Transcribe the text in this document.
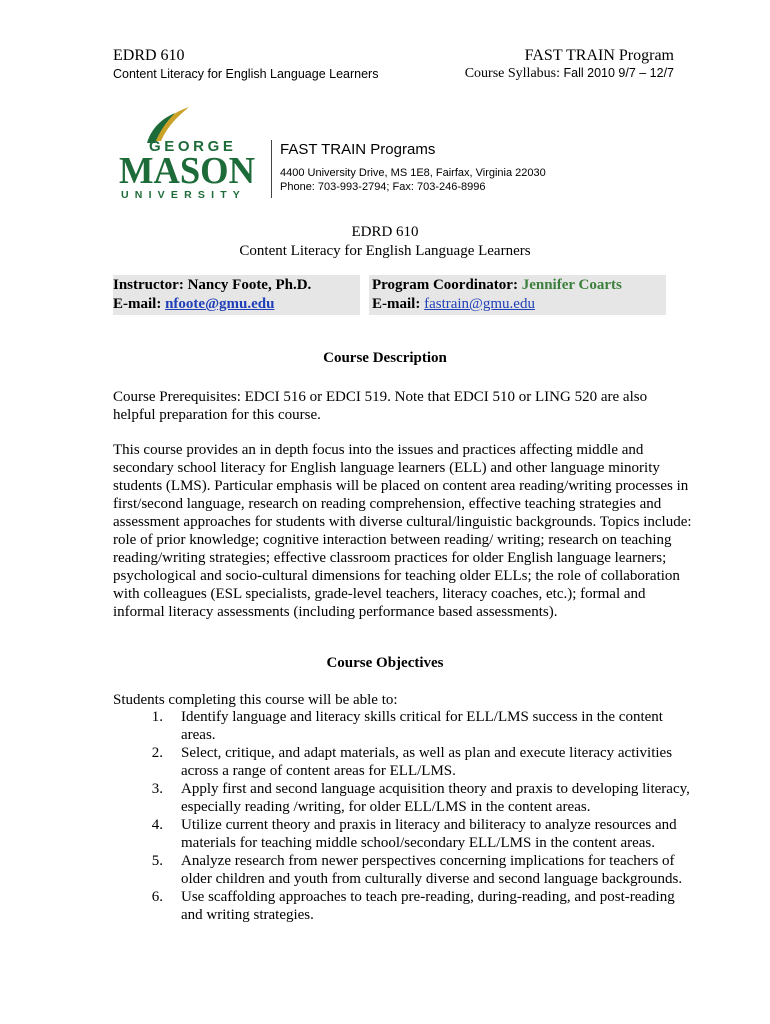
EDRD 610
Content Literacy for English Language Learners
FAST TRAIN Program
Course Syllabus: Fall 2010 9/7 – 12/7
GEORGE
MASON
UNIVERSITY
FAST TRAIN Programs
4400 University Drive, MS 1E8, Fairfax, Virginia 22030
Phone: 703-993-2794; Fax: 703-246-8996
EDRD 610
Content Literacy for English Language Learners
Instructor: Nancy Foote, Ph.D.
E-mail: nfoote@gmu.edu
Program Coordinator: Jennifer Coarts
E-mail: fastrain@gmu.edu
Course Description
Course Prerequisites: EDCI 516 or EDCI 519. Note that EDCI 510 or LING 520 are also helpful preparation for this course.
This course provides an in depth focus into the issues and practices affecting middle and secondary school literacy for English language learners (ELL) and other language minority students (LMS). Particular emphasis will be placed on content area reading/writing processes in first/second language, research on reading comprehension, effective teaching strategies and assessment approaches for students with diverse cultural/linguistic backgrounds. Topics include: role of prior knowledge; cognitive interaction between reading/ writing; research on teaching reading/writing strategies; effective classroom practices for older English language learners; psychological and socio-cultural dimensions for teaching older ELLs; the role of collaboration with colleagues (ESL specialists, grade-level teachers, literacy coaches, etc.); formal and informal literacy assessments (including performance based assessments).
Course Objectives
Students completing this course will be able to:
1. Identify language and literacy skills critical for ELL/LMS success in the content areas.
2. Select, critique, and adapt materials, as well as plan and execute literacy activities across a range of content areas for ELL/LMS.
3. Apply first and second language acquisition theory and praxis to developing literacy, especially reading /writing, for older ELL/LMS in the content areas.
4. Utilize current theory and praxis in literacy and biliteracy to analyze resources and materials for teaching middle school/secondary ELL/LMS in the content areas.
5. Analyze research from newer perspectives concerning implications for teachers of older children and youth from culturally diverse and second language backgrounds.
6. Use scaffolding approaches to teach pre-reading, during-reading, and post-reading and writing strategies.
